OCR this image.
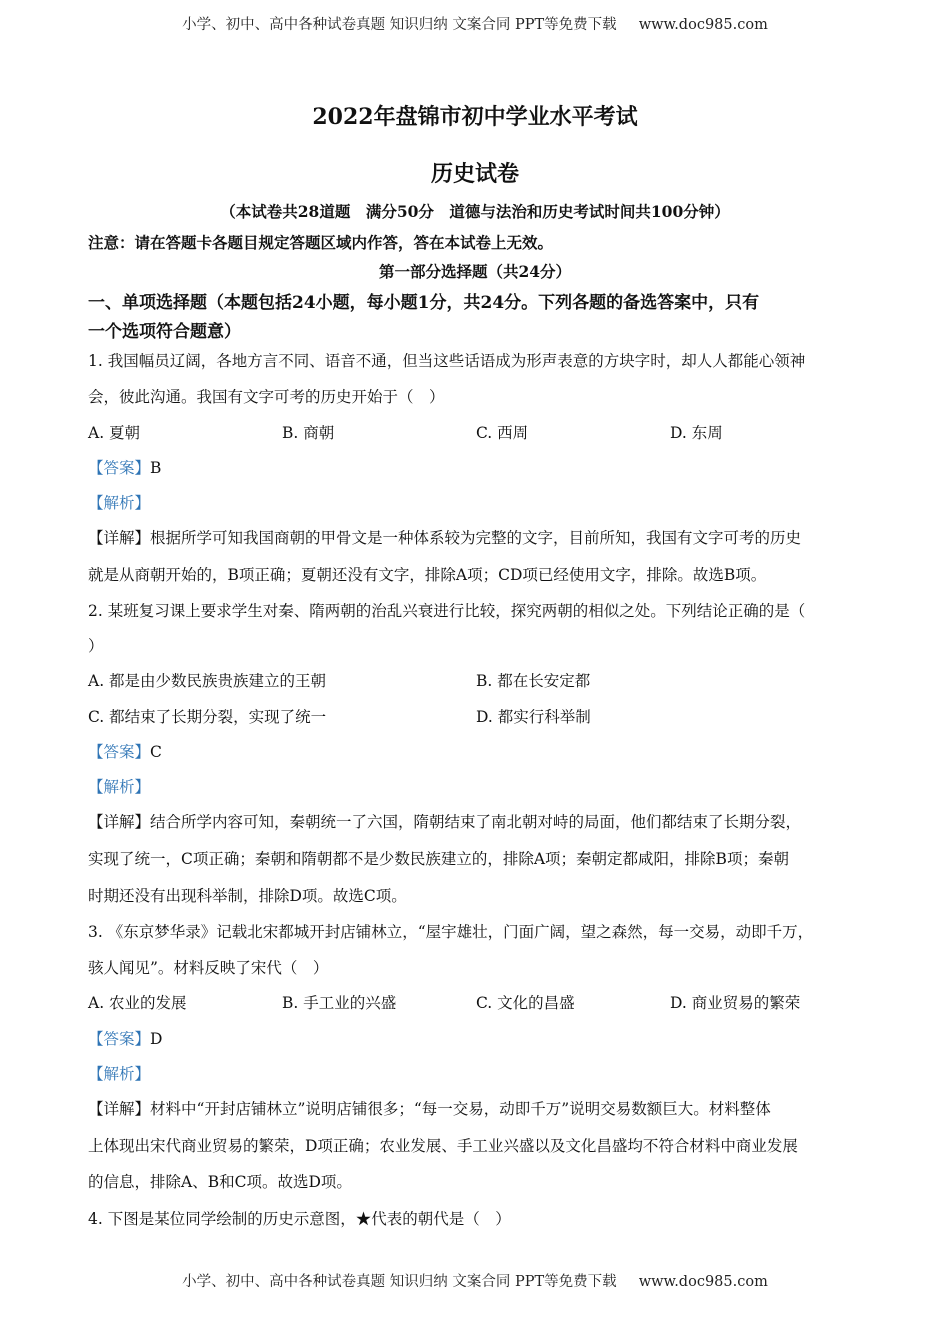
小学、初中、高中各种试卷真题 知识归纳 文案合同 PPT等免费下载 www.doc985.com
2022年盘锦市初中学业水平考试
历史试卷
（本试卷共28道题　满分50分　道德与法治和历史考试时间共100分钟）
注意：请在答题卡各题目规定答题区域内作答，答在本试卷上无效。
第一部分选择题（共24分）
一、单项选择题（本题包括24小题，每小题1分，共24分。下列各题的备选答案中，只有
一个选项符合题意）
1. 我国幅员辽阔，各地方言不同、语音不通，但当这些话语成为形声表意的方块字时，却人人都能心领神
会，彼此沟通。我国有文字可考的历史开始于（　）
A. 夏朝	B. 商朝	C. 西周	D. 东周
【答案】B
【解析】
【详解】根据所学可知我国商朝的甲骨文是一种体系较为完整的文字，目前所知，我国有文字可考的历史
就是从商朝开始的，B项正确；夏朝还没有文字，排除A项；CD项已经使用文字，排除。故选B项。
2. 某班复习课上要求学生对秦、隋两朝的治乱兴衰进行比较，探究两朝的相似之处。下列结论正确的是（
）
A. 都是由少数民族贵族建立的王朝	B. 都在长安定都
C. 都结束了长期分裂，实现了统一	D. 都实行科举制
【答案】C
【解析】
【详解】结合所学内容可知，秦朝统一了六国，隋朝结束了南北朝对峙的局面，他们都结束了长期分裂，
实现了统一，C项正确；秦朝和隋朝都不是少数民族建立的，排除A项；秦朝定都咸阳，排除B项；秦朝
时期还没有出现科举制，排除D项。故选C项。
3. 《东京梦华录》记载北宋都城开封店铺林立，“屋宇雄壮，门面广阔，望之森然，每一交易，动即千万，
骇人闻见”。材料反映了宋代（　）
A. 农业的发展	B. 手工业的兴盛	C. 文化的昌盛	D. 商业贸易的繁荣
【答案】D
【解析】
【详解】材料中“开封店铺林立”说明店铺很多；“每一交易，动即千万”说明交易数额巨大。材料整体
上体现出宋代商业贸易的繁荣，D项正确；农业发展、手工业兴盛以及文化昌盛均不符合材料中商业发展
的信息，排除A、B和C项。故选D项。
4. 下图是某位同学绘制的历史示意图，★代表的朝代是（　）
小学、初中、高中各种试卷真题 知识归纳 文案合同 PPT等免费下载 www.doc985.com
